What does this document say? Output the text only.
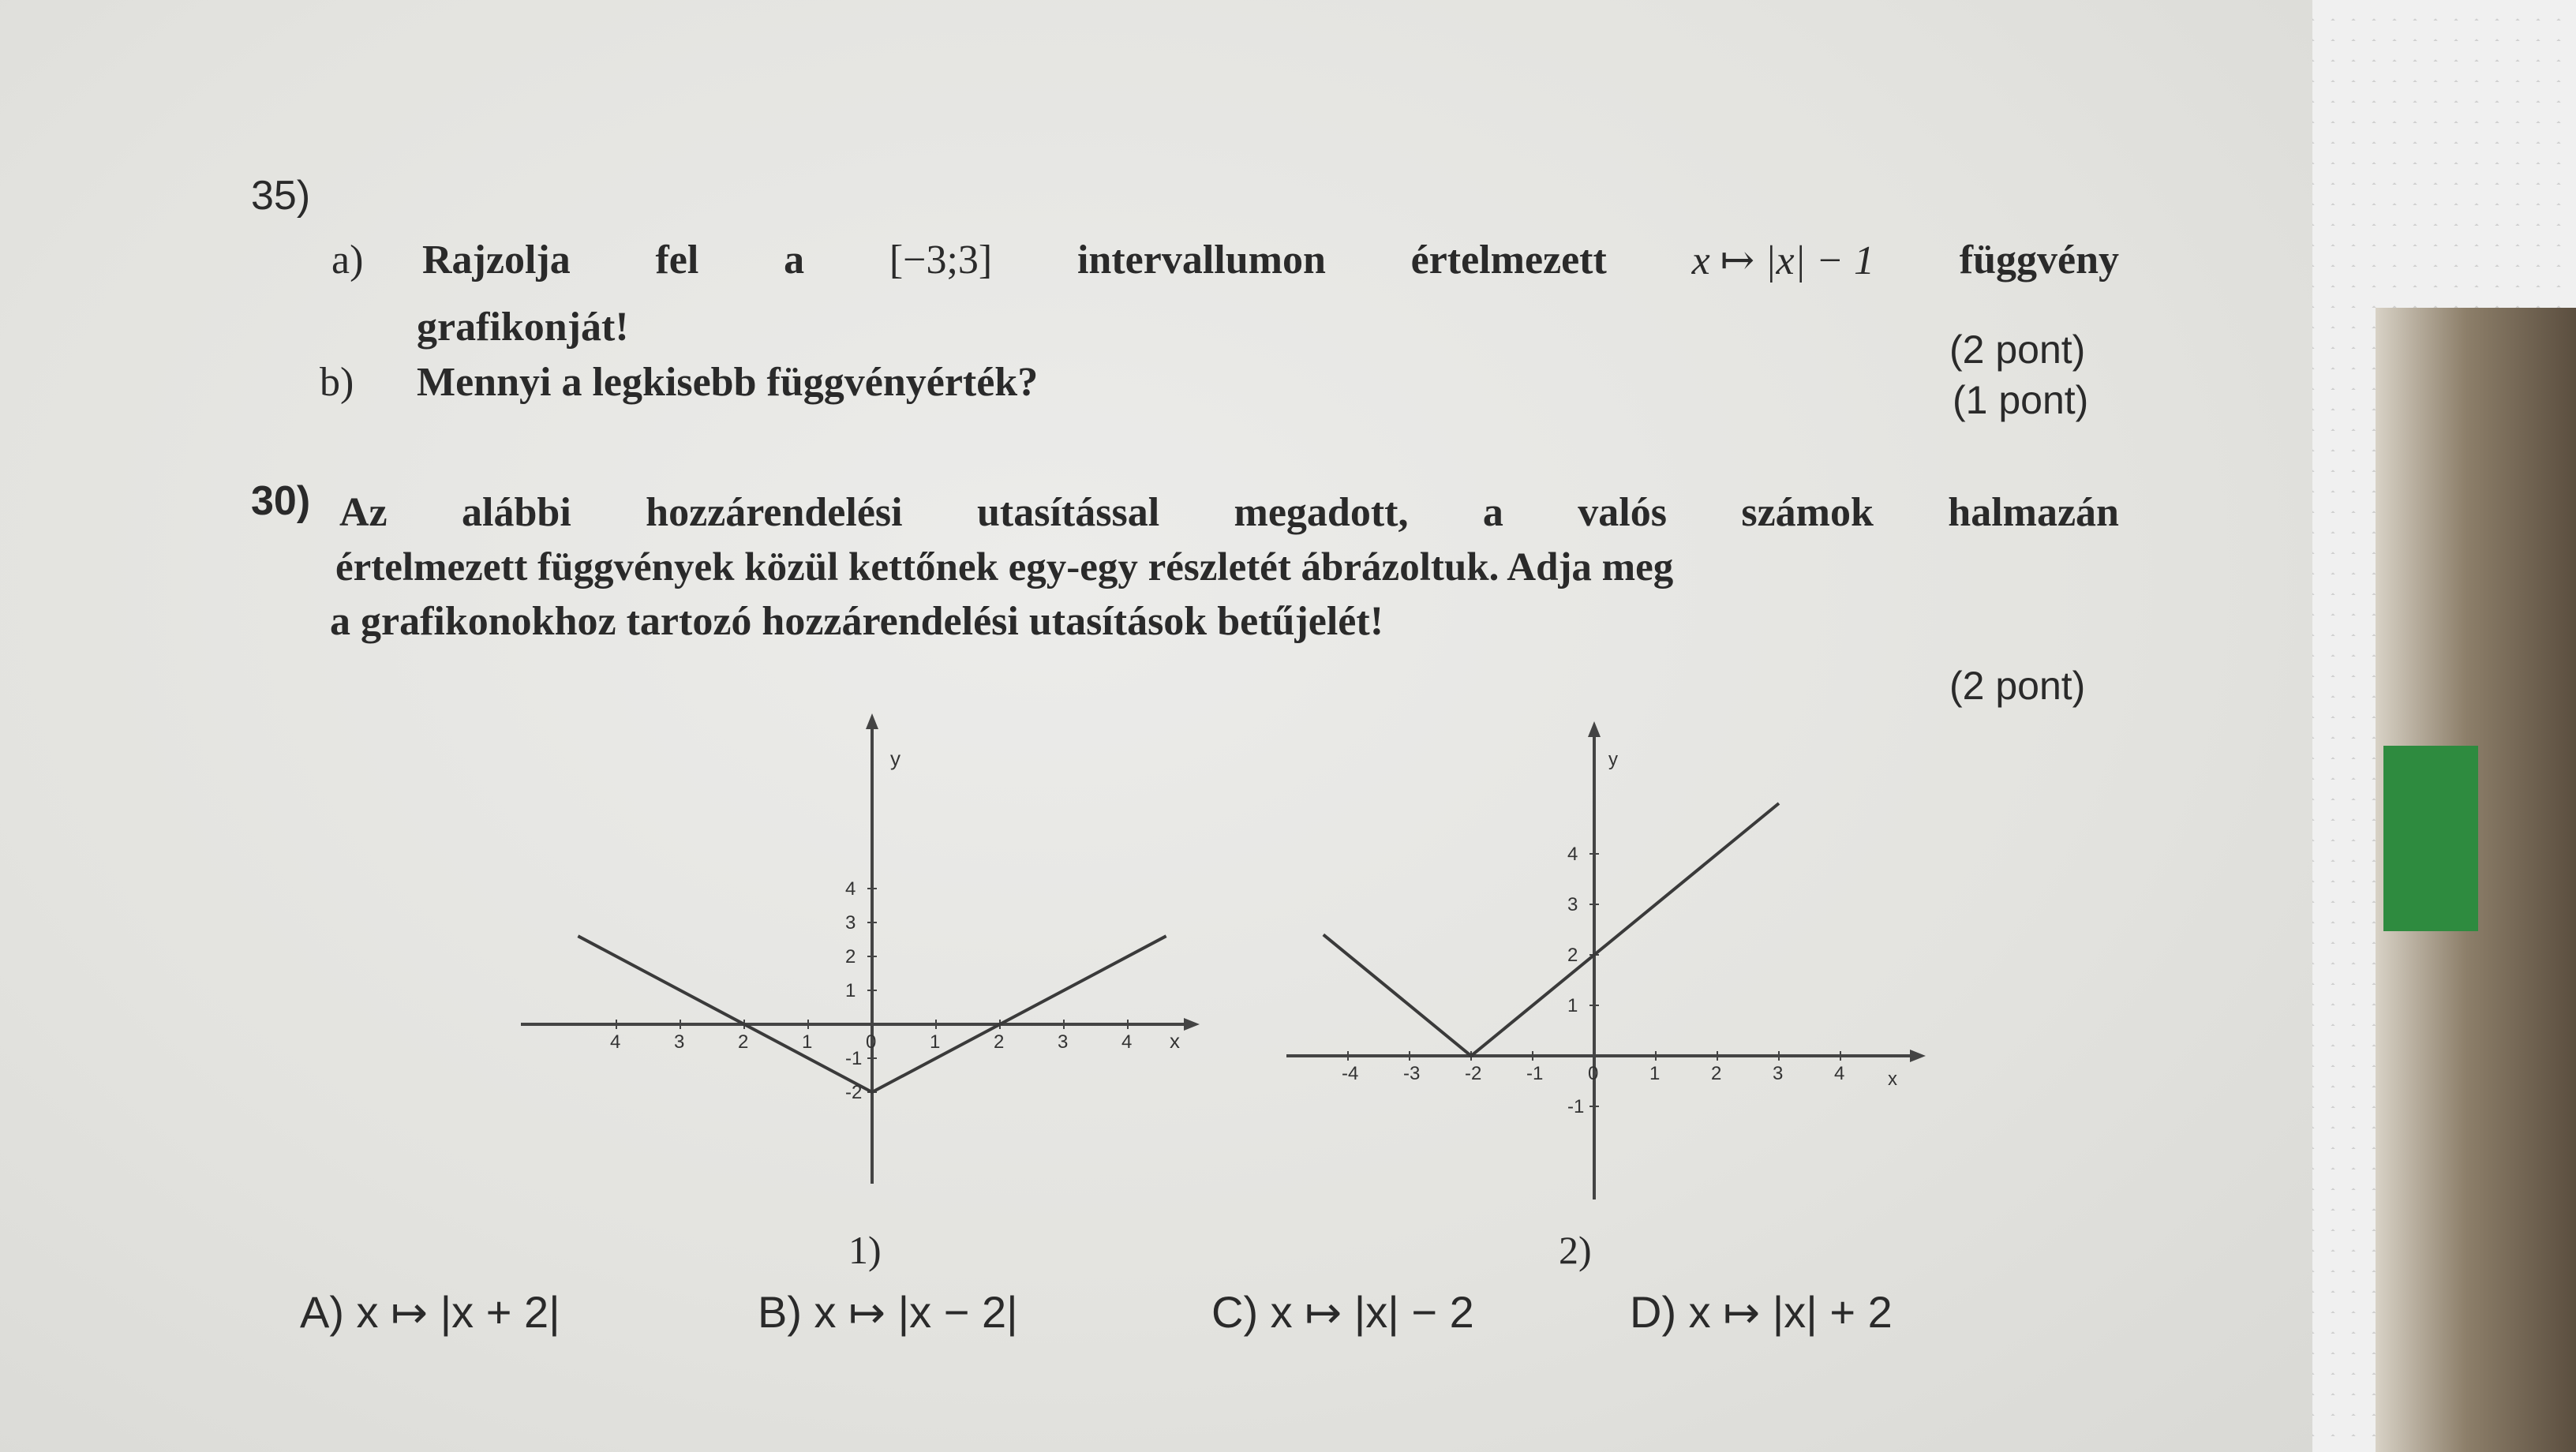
35)
a) Rajzolja fel a [−3;3] intervallumon értelmezett x ↦ |x| − 1 függvény
grafikonját!	(2 pont)
b) Mennyi a legkisebb függvényérték?	(1 pont)
30) Az alábbi hozzárendelési utasítással megadott, a valós számok halmazán
értelmezett függvények közül kettőnek egy-egy részletét ábrázoltuk. Adja meg
a grafikonokhoz tartozó hozzárendelési utasítások betűjelét!
(2 pont)
4	3	2	1	0	1	2	3	4
4
3
2
1
-1
-2
x
y
1)
-4 -3 -2 -1 0	1	2	3	4
4
3
2
1
-1
x
y
2)
A) x ↦ |x + 2|	B) x ↦ |x − 2|	C) x ↦ |x| − 2	D) x ↦ |x| + 2
